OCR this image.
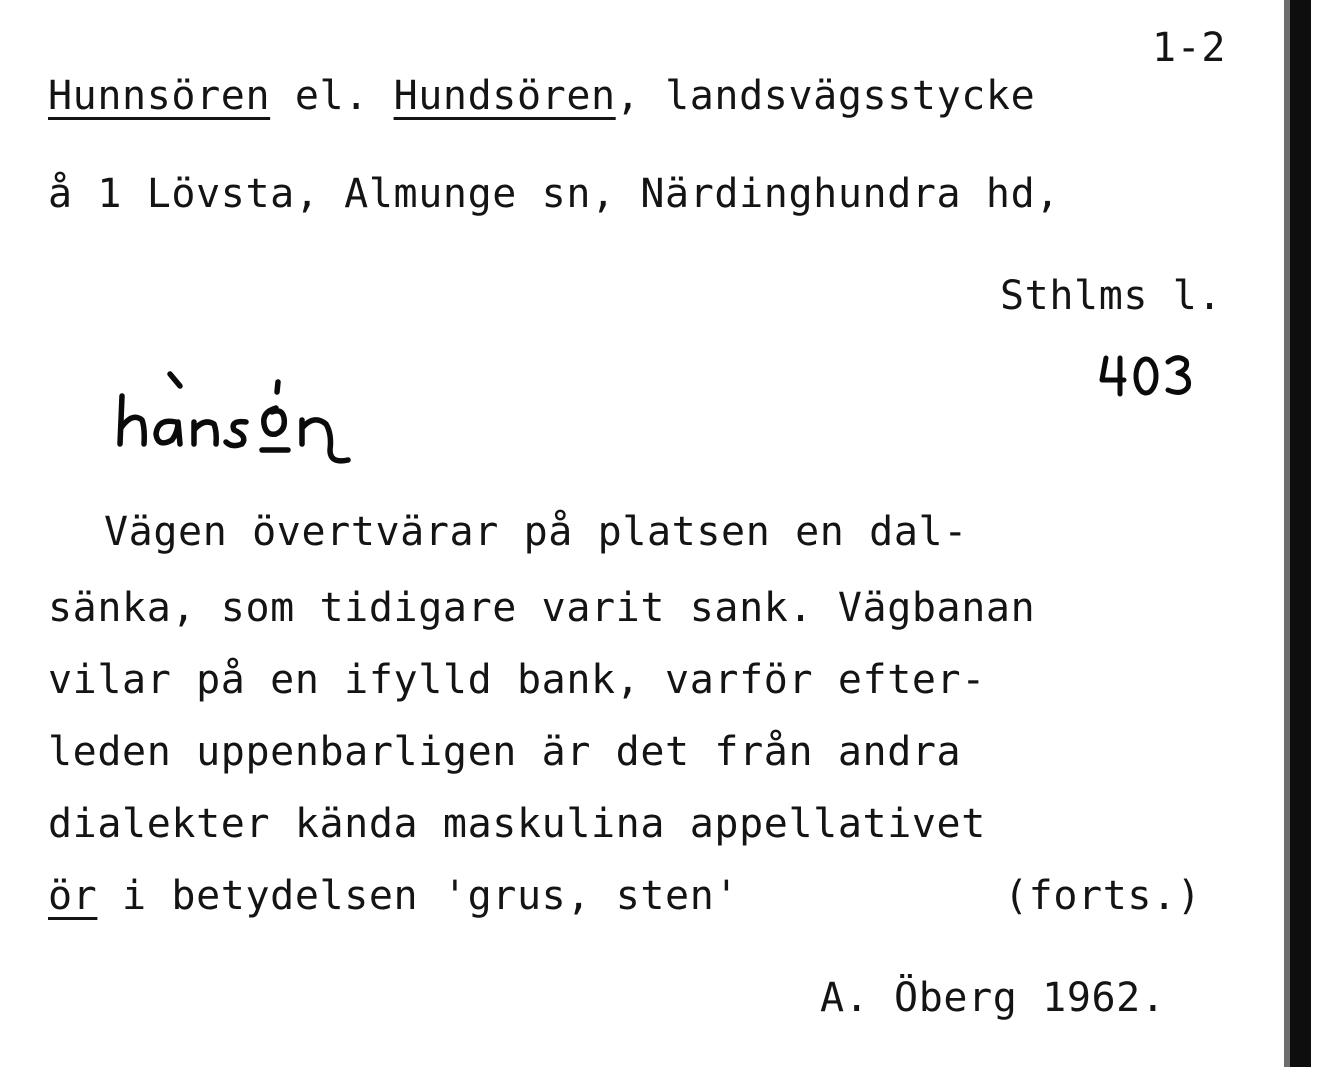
1-2
Hunnsören el. Hundsören, landsvägsstycke
å 1 Lövsta, Almunge sn, Närdinghundra hd,
Sthlms l.
Vägen övertvärar på platsen en dal-
sänka, som tidigare varit sank. Vägbanan
vilar på en ifylld bank, varför efter-
leden uppenbarligen är det från andra
dialekter kända maskulina appellativet
ör i betydelsen 'grus, sten'	(forts.)
A. Öberg 1962.
